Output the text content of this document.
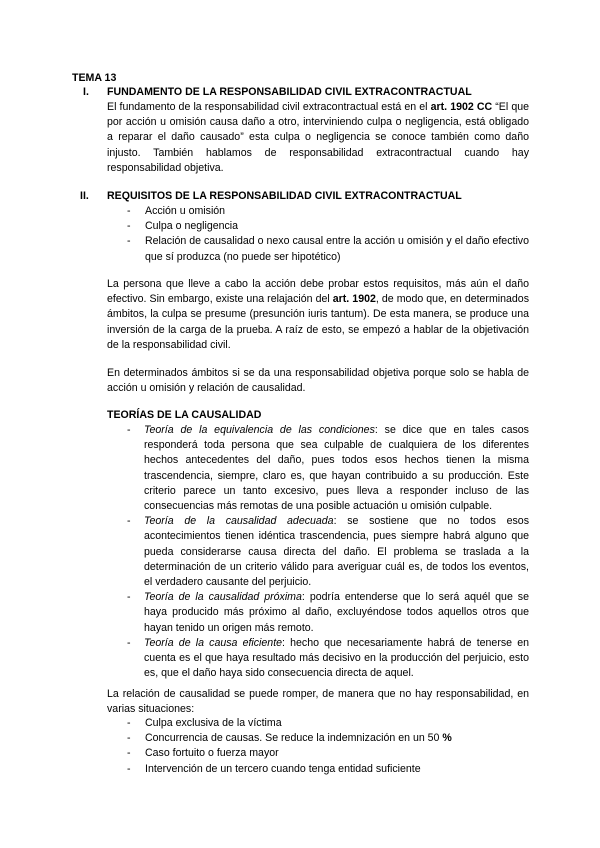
TEMA 13
I. FUNDAMENTO DE LA RESPONSABILIDAD CIVIL EXTRACONTRACTUAL
El fundamento de la responsabilidad civil extracontractual está en el art. 1902 CC “El que por acción u omisión causa daño a otro, interviniendo culpa o negligencia, está obligado a reparar el daño causado” esta culpa o negligencia se conoce también como daño injusto. También hablamos de responsabilidad extracontractual cuando hay responsabilidad objetiva.
II. REQUISITOS DE LA RESPONSABILIDAD CIVIL EXTRACONTRACTUAL
- Acción u omisión
- Culpa o negligencia
- Relación de causalidad o nexo causal entre la acción u omisión y el daño efectivo que sí produzca (no puede ser hipotético)
La persona que lleve a cabo la acción debe probar estos requisitos, más aún el daño efectivo. Sin embargo, existe una relajación del art. 1902, de modo que, en determinados ámbitos, la culpa se presume (presunción iuris tantum). De esta manera, se produce una inversión de la carga de la prueba. A raíz de esto, se empezó a hablar de la objetivación de la responsabilidad civil.
En determinados ámbitos si se da una responsabilidad objetiva porque solo se habla de acción u omisión y relación de causalidad.
TEORÍAS DE LA CAUSALIDAD
- Teoría de la equivalencia de las condiciones: se dice que en tales casos responderá toda persona que sea culpable de cualquiera de los diferentes hechos antecedentes del daño, pues todos esos hechos tienen la misma trascendencia, siempre, claro es, que hayan contribuido a su producción. Este criterio parece un tanto excesivo, pues lleva a responder incluso de las consecuencias más remotas de una posible actuación u omisión culpable.
- Teoría de la causalidad adecuada: se sostiene que no todos esos acontecimientos tienen idéntica trascendencia, pues siempre habrá alguno que pueda considerarse causa directa del daño. El problema se traslada a la determinación de un criterio válido para averiguar cuál es, de todos los eventos, el verdadero causante del perjuicio.
- Teoría de la causalidad próxima: podría entenderse que lo será aquél que se haya producido más próximo al daño, excluyéndose todos aquellos otros que hayan tenido un origen más remoto.
- Teoría de la causa eficiente: hecho que necesariamente habrá de tenerse en cuenta es el que haya resultado más decisivo en la producción del perjuicio, esto es, que el daño haya sido consecuencia directa de aquel.
La relación de causalidad se puede romper, de manera que no hay responsabilidad, en varias situaciones:
- Culpa exclusiva de la víctima
- Concurrencia de causas. Se reduce la indemnización en un 50 %
- Caso fortuito o fuerza mayor
- Intervención de un tercero cuando tenga entidad suficiente
